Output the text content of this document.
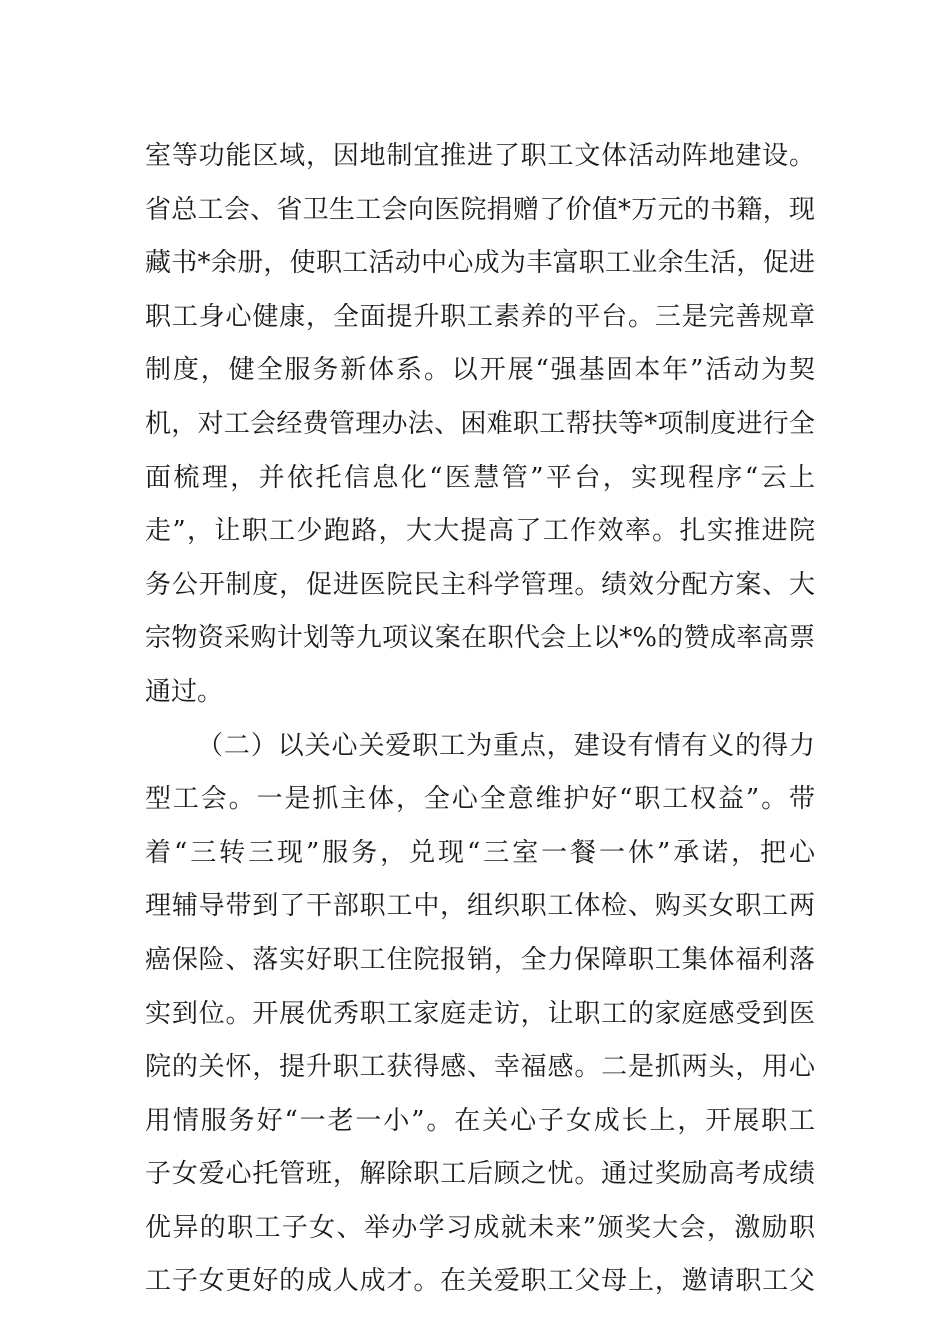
室等功能区域，因地制宜推进了职工文体活动阵地建设。
省总工会、省卫生工会向医院捐赠了价值*万元的书籍，现
藏书*余册，使职工活动中心成为丰富职工业余生活，促进
职工身心健康，全面提升职工素养的平台。三是完善规章
制度，健全服务新体系。以开展“强基固本年”活动为契
机，对工会经费管理办法、困难职工帮扶等*项制度进行全
面梳理，并依托信息化“医慧管”平台，实现程序“云上
走”，让职工少跑路，大大提高了工作效率。扎实推进院
务公开制度，促进医院民主科学管理。绩效分配方案、大
宗物资采购计划等九项议案在职代会上以*%的赞成率高票
通过。
（二）以关心关爱职工为重点，建设有情有义的得力
型工会。一是抓主体，全心全意维护好“职工权益”。带
着“三转三现”服务，兑现“三室一餐一休”承诺，把心
理辅导带到了干部职工中，组织职工体检、购买女职工两
癌保险、落实好职工住院报销，全力保障职工集体福利落
实到位。开展优秀职工家庭走访，让职工的家庭感受到医
院的关怀，提升职工获得感、幸福感。二是抓两头，用心
用情服务好“一老一小”。在关心子女成长上，开展职工
子女爱心托管班，解除职工后顾之忧。通过奖励高考成绩
优异的职工子女、举办学习成就未来”颁奖大会，激励职
工子女更好的成人成才。在关爱职工父母上，邀请职工父
